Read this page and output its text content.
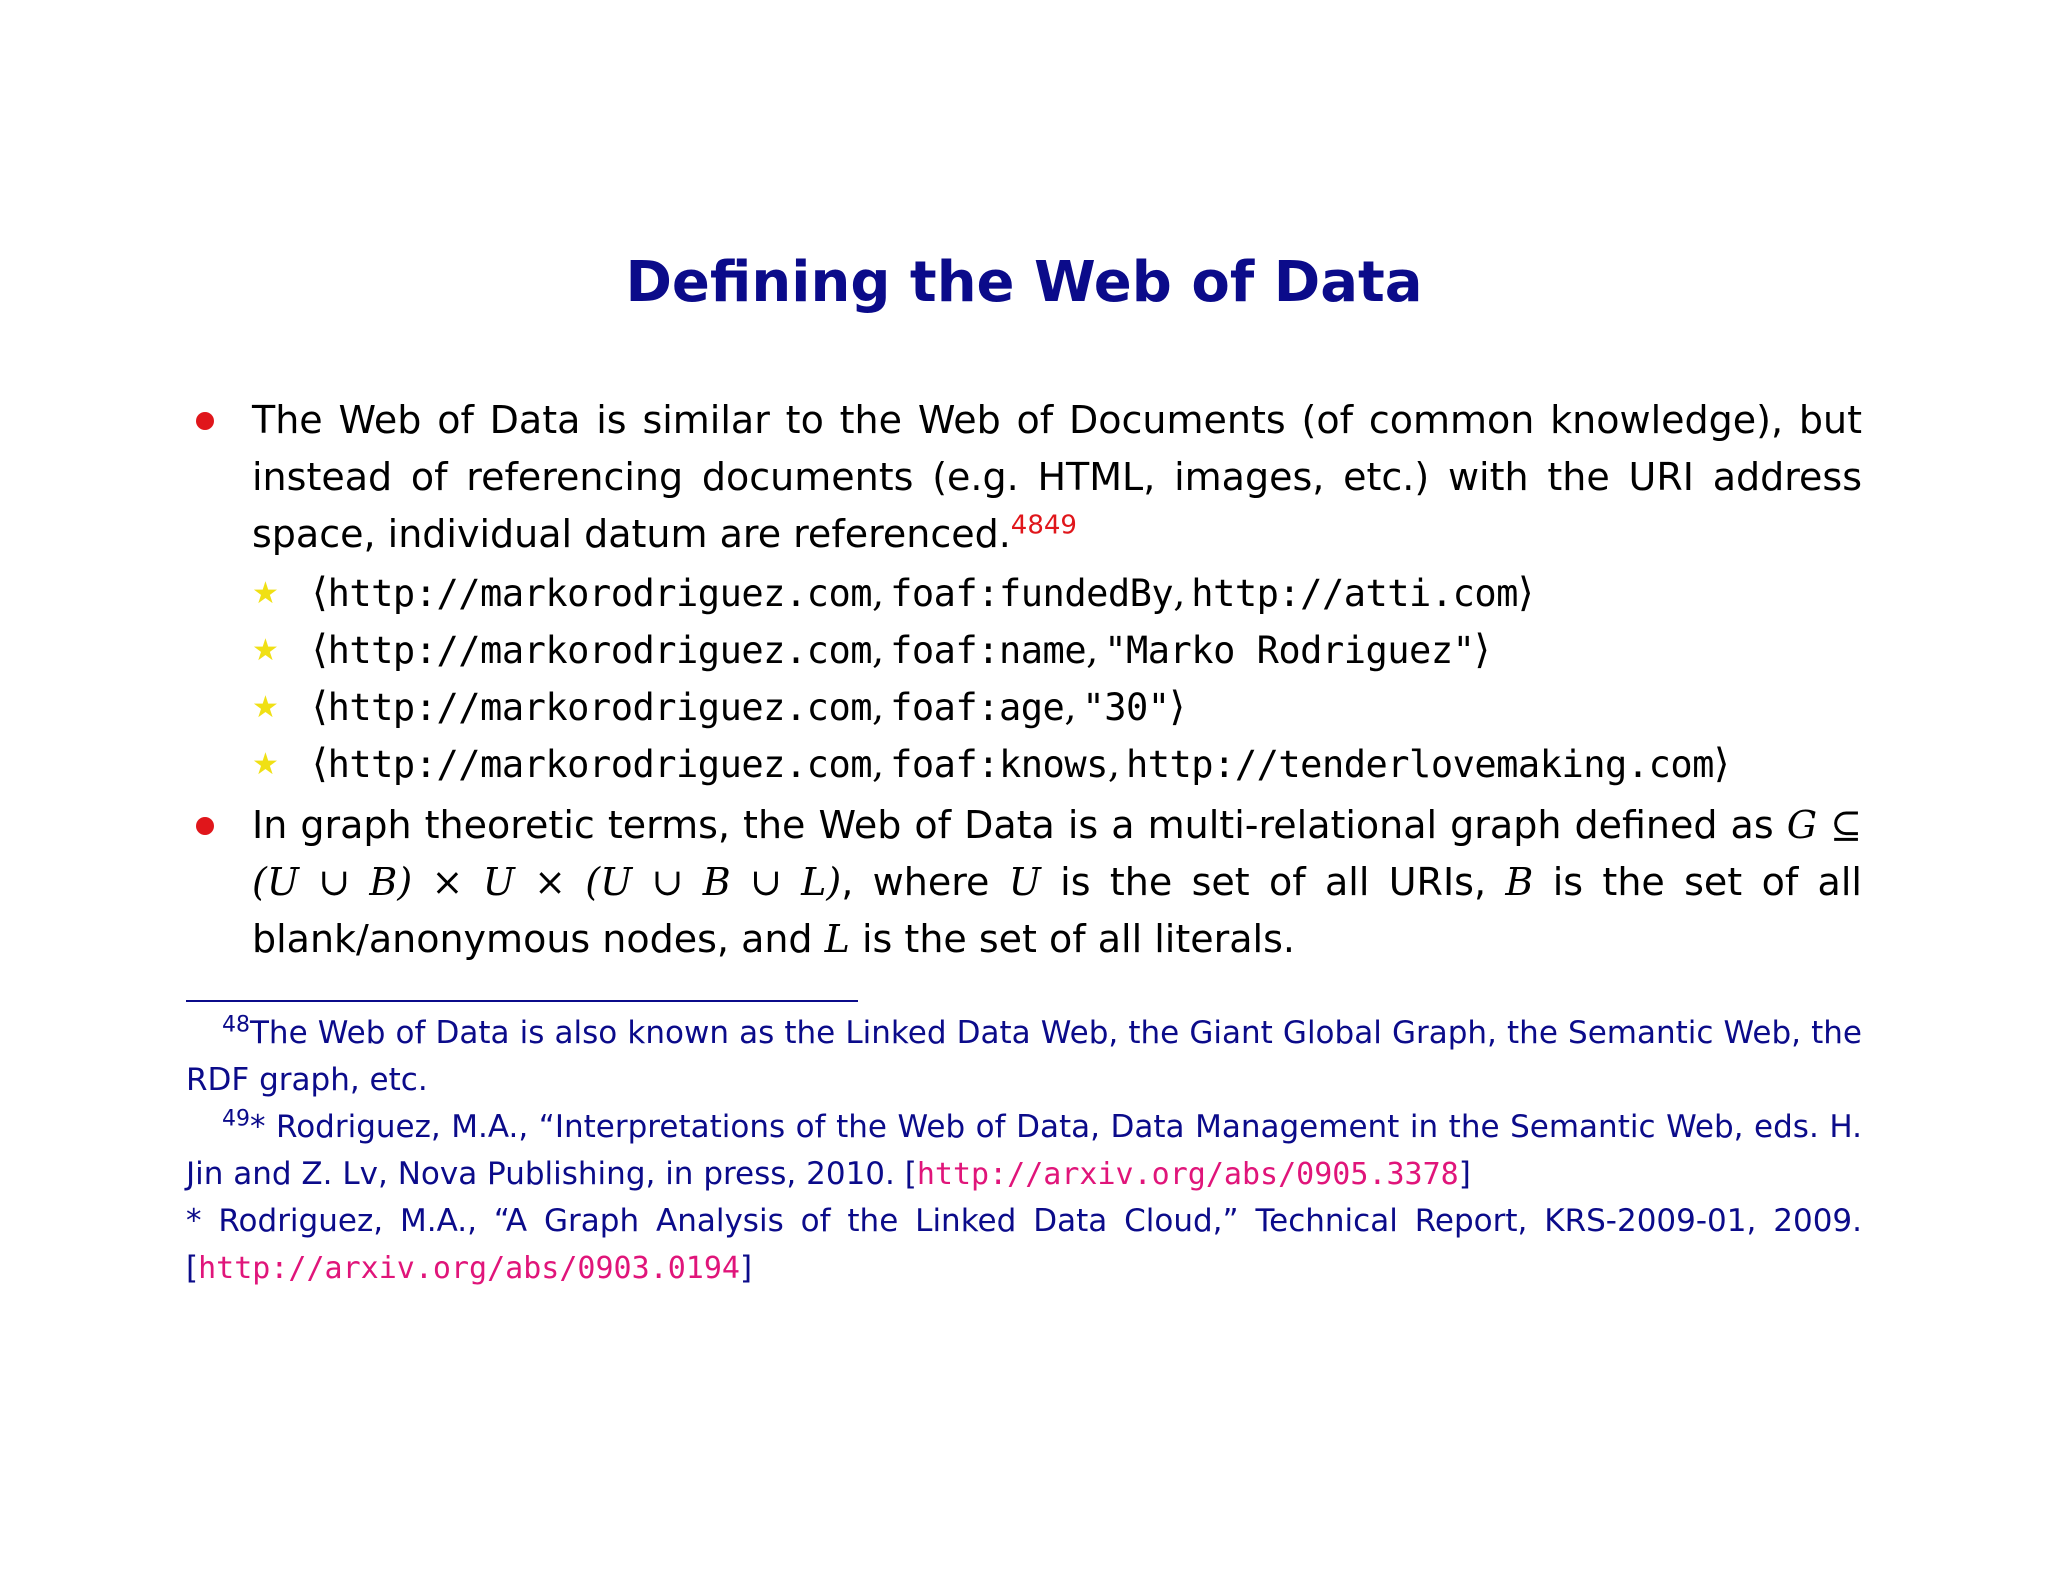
Defining the Web of Data
The Web of Data is similar to the Web of Documents (of common knowledge), but instead of referencing documents (e.g. HTML, images, etc.) with the URI address space, individual datum are referenced.$^{4849}$
★ ⟨http://markorodriguez.com, foaf:fundedBy, http://atti.com⟩
★ ⟨http://markorodriguez.com, foaf:name, "Marko Rodriguez"⟩
★ ⟨http://markorodriguez.com, foaf:age, "30"⟩
★ ⟨http://markorodriguez.com, foaf:knows, http://tenderlovemaking.com⟩
In graph theoretic terms, the Web of Data is a multi-relational graph defined as G ⊆ (U ∪ B) × U × (U ∪ B ∪ L), where U is the set of all URIs, B is the set of all blank/anonymous nodes, and L is the set of all literals.

$^{48}$The Web of Data is also known as the Linked Data Web, the Giant Global Graph, the Semantic Web, the RDF graph, etc.

$^{49}$* Rodriguez, M.A., “Interpretations of the Web of Data, Data Management in the Semantic Web, eds. H. Jin and Z. Lv, Nova Publishing, in press, 2010. [http://arxiv.org/abs/0905.3378]

* Rodriguez, M.A., “A Graph Analysis of the Linked Data Cloud,” Technical Report, KRS-2009-01, 2009. [http://arxiv.org/abs/0903.0194]
